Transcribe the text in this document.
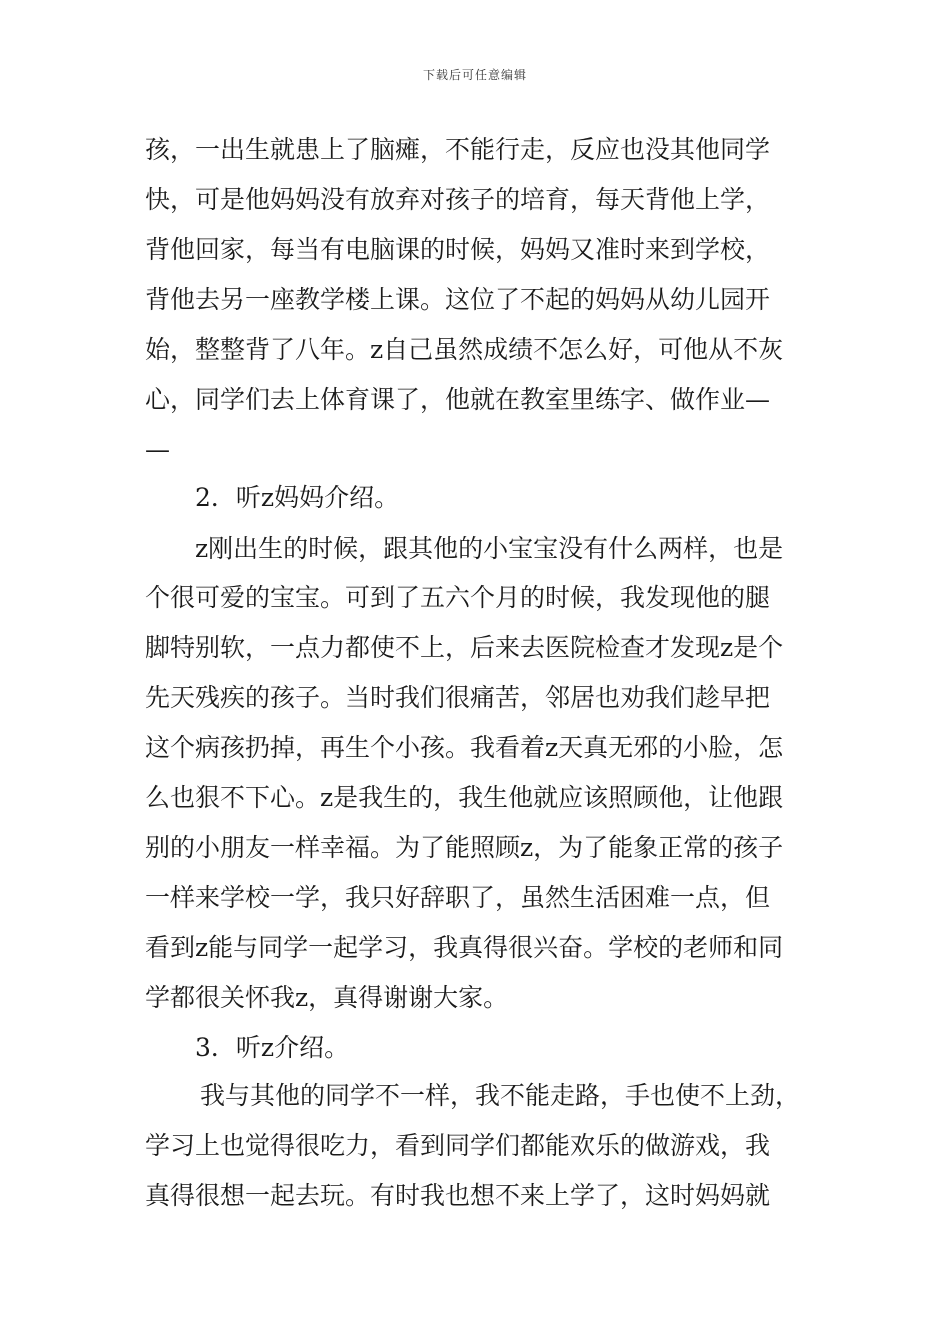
下载后可任意编辑
孩，一出生就患上了脑瘫，不能行走，反应也没其他同学
快，可是他妈妈没有放弃对孩子的培育，每天背他上学，
背他回家，每当有电脑课的时候，妈妈又准时来到学校，
背他去另一座教学楼上课。这位了不起的妈妈从幼儿园开
始，整整背了八年。z自己虽然成绩不怎么好，可他从不灰
心，同学们去上体育课了，他就在教室里练字、做作业—
—
2．听z妈妈介绍。
z刚出生的时候，跟其他的小宝宝没有什么两样，也是
个很可爱的宝宝。可到了五六个月的时候，我发现他的腿
脚特别软，一点力都使不上，后来去医院检查才发现z是个
先天残疾的孩子。当时我们很痛苦，邻居也劝我们趁早把
这个病孩扔掉，再生个小孩。我看着z天真无邪的小脸，怎
么也狠不下心。z是我生的，我生他就应该照顾他，让他跟
别的小朋友一样幸福。为了能照顾z，为了能象正常的孩子
一样来学校一学，我只好辞职了，虽然生活困难一点，但
看到z能与同学一起学习，我真得很兴奋。学校的老师和同
学都很关怀我z，真得谢谢大家。
3．听z介绍。
我与其他的同学不一样，我不能走路，手也使不上劲，
学习上也觉得很吃力，看到同学们都能欢乐的做游戏，我
真得很想一起去玩。有时我也想不来上学了，这时妈妈就
